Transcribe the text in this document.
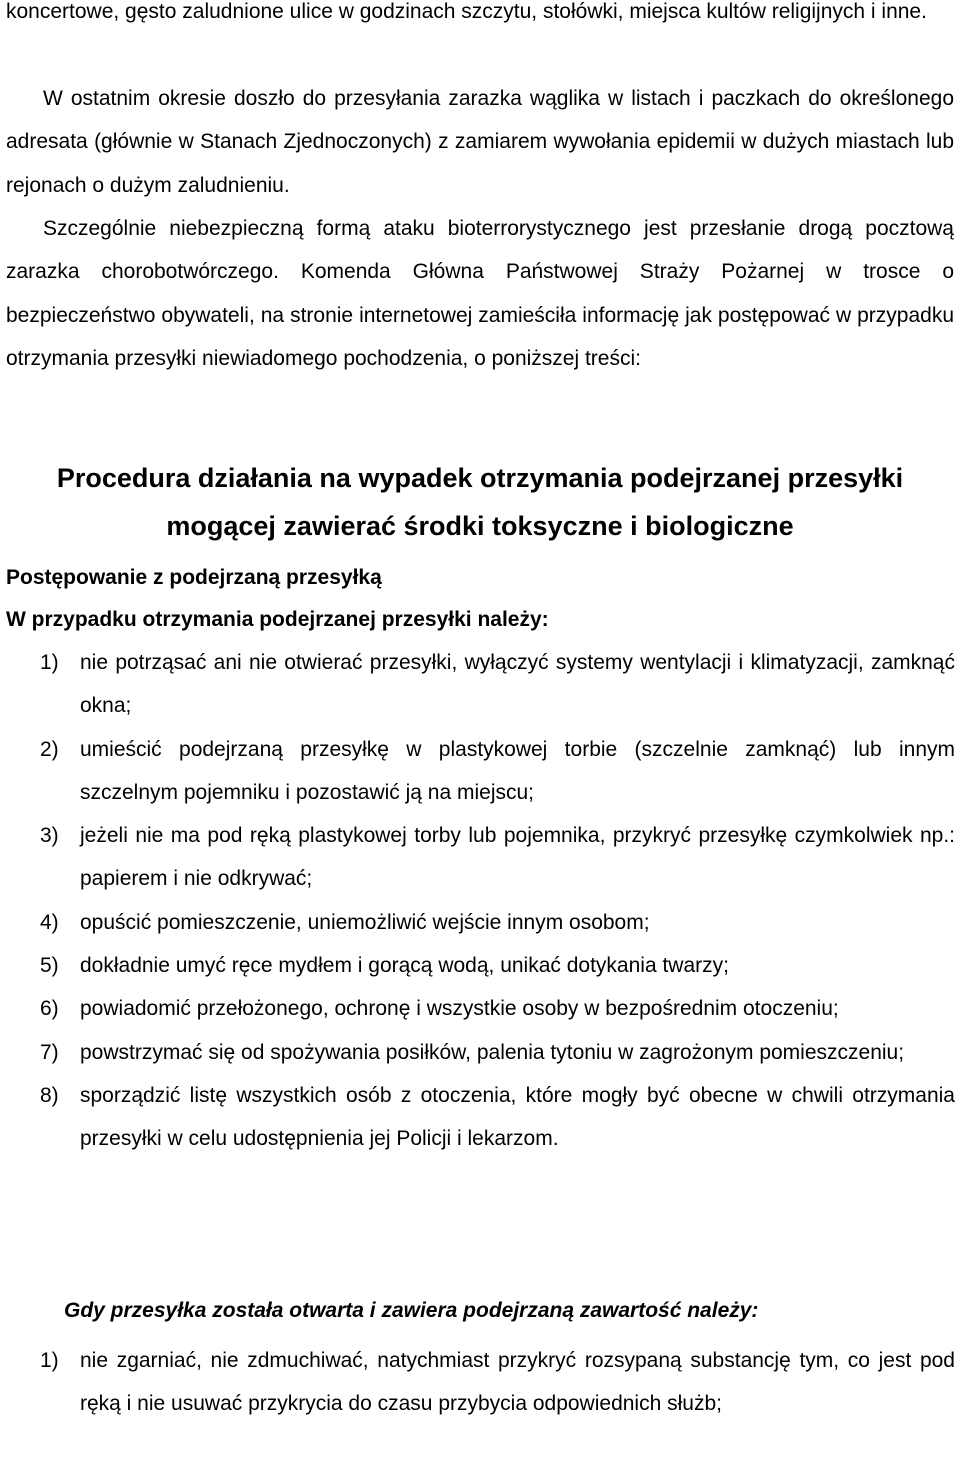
koncertowe, gęsto zaludnione ulice w godzinach szczytu, stołówki, miejsca kultów religijnych i inne.

W ostatnim okresie doszło do przesyłania zarazka wąglika w listach i paczkach do określonego adresata (głównie w Stanach Zjednoczonych) z zamiarem wywołania epidemii w dużych miastach lub rejonach o dużym zaludnieniu.

Szczególnie niebezpieczną formą ataku bioterrorystycznego jest przesłanie drogą pocztową zarazka chorobotwórczego. Komenda Główna Państwowej Straży Pożarnej w trosce o bezpieczeństwo obywateli, na stronie internetowej zamieściła informację jak postępować w przypadku otrzymania przesyłki niewiadomego pochodzenia, o poniższej treści:

Procedura działania na wypadek otrzymania podejrzanej przesyłki
mogącej zawierać środki toksyczne i biologiczne
Postępowanie z podejrzaną przesyłką
W przypadku otrzymania podejrzanej przesyłki należy:
1) nie potrząsać ani nie otwierać przesyłki, wyłączyć systemy wentylacji i klimatyzacji, zamknąć okna;
2) umieścić podejrzaną przesyłkę w plastykowej torbie (szczelnie zamknąć) lub innym szczelnym pojemniku i pozostawić ją na miejscu;
3) jeżeli nie ma pod ręką plastykowej torby lub pojemnika, przykryć przesyłkę czymkolwiek np.: papierem i nie odkrywać;
4) opuścić pomieszczenie, uniemożliwić wejście innym osobom;
5) dokładnie umyć ręce mydłem i gorącą wodą, unikać dotykania twarzy;
6) powiadomić przełożonego, ochronę i wszystkie osoby w bezpośrednim otoczeniu;
7) powstrzymać się od spożywania posiłków, palenia tytoniu w zagrożonym pomieszczeniu;
8) sporządzić listę wszystkich osób z otoczenia, które mogły być obecne w chwili otrzymania przesyłki w celu udostępnienia jej Policji i lekarzom.
Gdy przesyłka została otwarta i zawiera podejrzaną zawartość należy:
1) nie zgarniać, nie zdmuchiwać, natychmiast przykryć rozsypaną substancję tym, co jest pod ręką i nie usuwać przykrycia do czasu przybycia odpowiednich służb;
